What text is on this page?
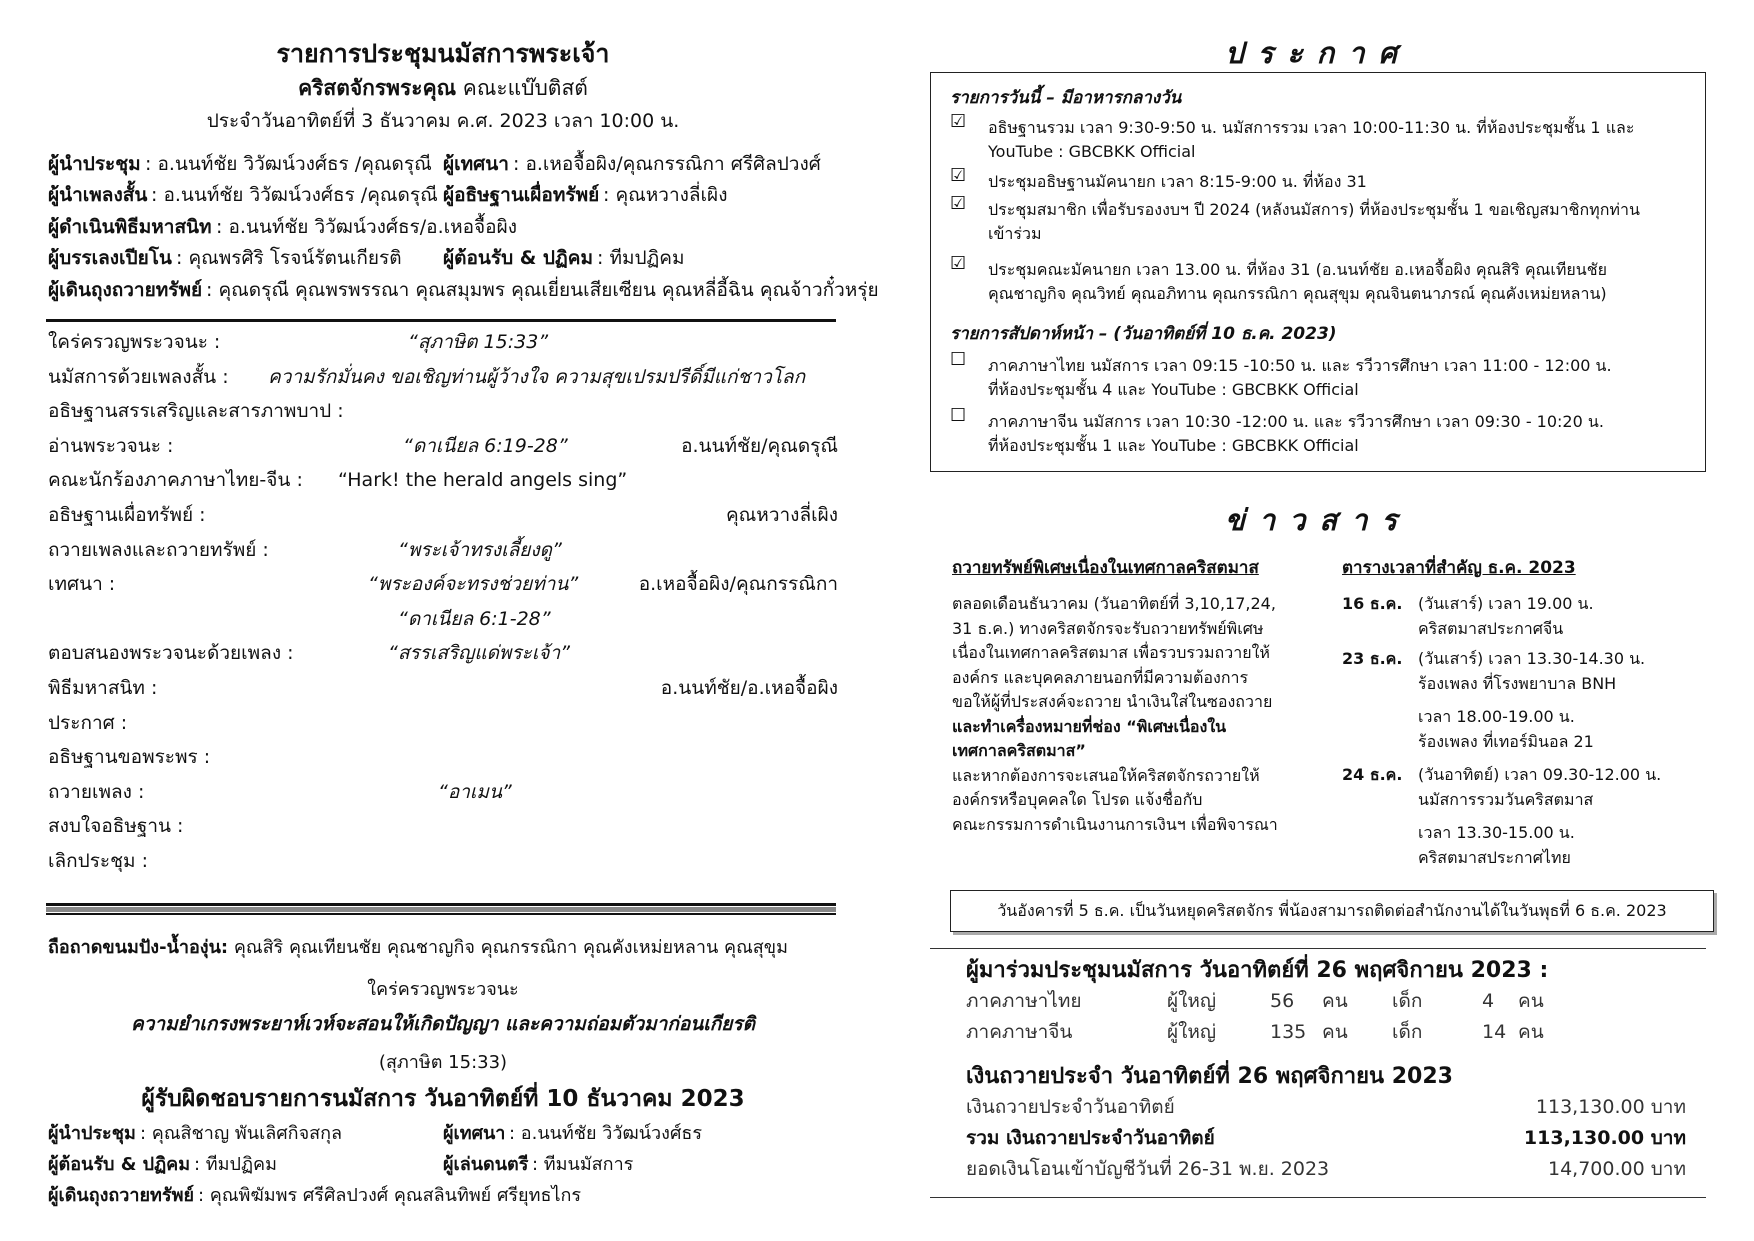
รายการประชุมนมัสการพระเจ้า
คริสตจักรพระคุณ คณะแบ๊บติสต์
ประจำวันอาทิตย์ที่ 3 ธันวาคม ค.ศ. 2023 เวลา 10:00 น.
ผู้นำประชุม : อ.นนท์ชัย วิวัฒน์วงศ์ธร /คุณดรุณี ผู้เทศนา : อ.เหอจื้อผิง/คุณกรรณิกา ศรีศิลปวงศ์
ผู้นำเพลงสั้น : อ.นนท์ชัย วิวัฒน์วงศ์ธร /คุณดรุณี ผู้อธิษฐานเผื่อทรัพย์ : คุณหวางลี่เผิง
ผู้ดำเนินพิธีมหาสนิท : อ.นนท์ชัย วิวัฒน์วงศ์ธร/อ.เหอจื้อผิง
ผู้บรรเลงเปียโน : คุณพรศิริ โรจน์รัตนเกียรติ ผู้ต้อนรับ & ปฏิคม : ทีมปฏิคม
ผู้เดินถุงถวายทรัพย์ : คุณดรุณี คุณพรพรรณา คุณสมุมพร คุณเยี่ยนเสียเซียน คุณหลี่อี้ฉิน คุณจ้าวกั๋วหรุ่ย
ใคร่ครวญพระวจนะ :	“สุภาษิต 15:33”
นมัสการด้วยเพลงสั้น : ความรักมั่นคง ขอเชิญท่านผู้ว้างใจ ความสุขเปรมปรีดิ์มีแก่ชาวโลก
อธิษฐานสรรเสริญและสารภาพบาป :
อ่านพระวจนะ :	“ดาเนียล 6:19-28”	อ.นนท์ชัย/คุณดรุณี
คณะนักร้องภาคภาษาไทย-จีน : “Hark! the herald angels sing”
อธิษฐานเผื่อทรัพย์ :	คุณหวางลี่เผิง
ถวายเพลงและถวายทรัพย์ :	“พระเจ้าทรงเลี้ยงดู”
เทศนา :	“พระองค์จะทรงช่วยท่าน”	อ.เหอจื้อผิง/คุณกรรณิกา
“ดาเนียล 6:1-28”
ตอบสนองพระวจนะด้วยเพลง :	“สรรเสริญแด่พระเจ้า”
พิธีมหาสนิท :	อ.นนท์ชัย/อ.เหอจื้อผิง
ประกาศ :
อธิษฐานขอพระพร :
ถวายเพลง :	“อาเมน”
สงบใจอธิษฐาน :
เลิกประชุม :
ถือถาดขนมปัง-น้ำองุ่น: คุณสิริ คุณเทียนชัย คุณชาญกิจ คุณกรรณิกา คุณคังเหม่ยหลาน คุณสุขุม
ใคร่ครวญพระวจนะ
ความยำเกรงพระยาห์เวห์จะสอนให้เกิดปัญญา และความถ่อมตัวมาก่อนเกียรติ
(สุภาษิต 15:33)
ผู้รับผิดชอบรายการนมัสการ วันอาทิตย์ที่ 10 ธันวาคม 2023
ผู้นำประชุม : คุณสิชาญ พันเลิศกิจสกุล	ผู้เทศนา : อ.นนท์ชัย วิวัฒน์วงศ์ธร
ผู้ต้อนรับ & ปฏิคม : ทีมปฏิคม	ผู้เล่นดนตรี : ทีมนมัสการ
ผู้เดินถุงถวายทรัพย์ : คุณพิฆัมพร ศรีศิลปวงศ์ คุณสลินทิพย์ ศรียุทธไกร
ประกาศ
รายการวันนี้ – มีอาหารกลางวัน
☑ อธิษฐานรวม เวลา 9:30-9:50 น. นมัสการรวม เวลา 10:00-11:30 น. ที่ห้องประชุมชั้น 1 และ
YouTube : GBCBKK Official
☑ ประชุมอธิษฐานมัคนายก เวลา 8:15-9:00 น. ที่ห้อง 31
☑ ประชุมสมาชิก เพื่อรับรองงบฯ ปี 2024 (หลังนมัสการ) ที่ห้องประชุมชั้น 1 ขอเชิญสมาชิกทุกท่าน
เข้าร่วม
☑ ประชุมคณะมัคนายก เวลา 13.00 น. ที่ห้อง 31 (อ.นนท์ชัย อ.เหอจื้อผิง คุณสิริ คุณเทียนชัย
คุณชาญกิจ คุณวิทย์ คุณอภิทาน คุณกรรณิกา คุณสุขุม คุณจินตนาภรณ์ คุณคังเหม่ยหลาน)
รายการสัปดาห์หน้า – (วันอาทิตย์ที่ 10 ธ.ค. 2023)
☐ ภาคภาษาไทย นมัสการ เวลา 09:15 -10:50 น. และ รวีวารศึกษา เวลา 11:00 - 12:00 น.
ที่ห้องประชุมชั้น 4 และ YouTube : GBCBKK Official
☐ ภาคภาษาจีน นมัสการ เวลา 10:30 -12:00 น. และ รวีวารศึกษา เวลา 09:30 - 10:20 น.
ที่ห้องประชุมชั้น 1 และ YouTube : GBCBKK Official
ข่าวสาร
ถวายทรัพย์พิเศษเนื่องในเทศกาลคริสตมาส
ตลอดเดือนธันวาคม (วันอาทิตย์ที่ 3,10,17,24,
31 ธ.ค.) ทางคริสตจักรจะรับถวายทรัพย์พิเศษ
เนื่องในเทศกาลคริสตมาส เพื่อรวบรวมถวายให้
องค์กร และบุคคลภายนอกที่มีความต้องการ
ขอให้ผู้ที่ประสงค์จะถวาย นำเงินใส่ในซองถวาย
และทำเครื่องหมายที่ช่อง “พิเศษเนื่องใน
เทศกาลคริสตมาส”
และหากต้องการจะเสนอให้คริสตจักรถวายให้
องค์กรหรือบุคคลใด โปรด แจ้งชื่อกับ
คณะกรรมการดำเนินงานการเงินฯ เพื่อพิจารณา
ตารางเวลาที่สำคัญ ธ.ค. 2023
16 ธ.ค. (วันเสาร์) เวลา 19.00 น.
คริสตมาสประกาศจีน
23 ธ.ค. (วันเสาร์) เวลา 13.30-14.30 น.
ร้องเพลง ที่โรงพยาบาล BNH
เวลา 18.00-19.00 น.
ร้องเพลง ที่เทอร์มินอล 21
24 ธ.ค. (วันอาทิตย์) เวลา 09.30-12.00 น.
นมัสการรวมวันคริสตมาส
เวลา 13.30-15.00 น.
คริสตมาสประกาศไทย
วันอังคารที่ 5 ธ.ค. เป็นวันหยุดคริสตจักร พี่น้องสามารถติดต่อสำนักงานได้ในวันพุธที่ 6 ธ.ค. 2023
ผู้มาร่วมประชุมนมัสการ วันอาทิตย์ที่ 26 พฤศจิกายน 2023 :
ภาคภาษาไทย	ผู้ใหญ่	56 คน เด็ก	4 คน
ภาคภาษาจีน	ผู้ใหญ่	135 คน เด็ก	14 คน
เงินถวายประจำ วันอาทิตย์ที่ 26 พฤศจิกายน 2023
เงินถวายประจำวันอาทิตย์	113,130.00 บาท
รวม เงินถวายประจำวันอาทิตย์	113,130.00 บาท
ยอดเงินโอนเข้าบัญชีวันที่ 26-31 พ.ย. 2023	14,700.00 บาท
